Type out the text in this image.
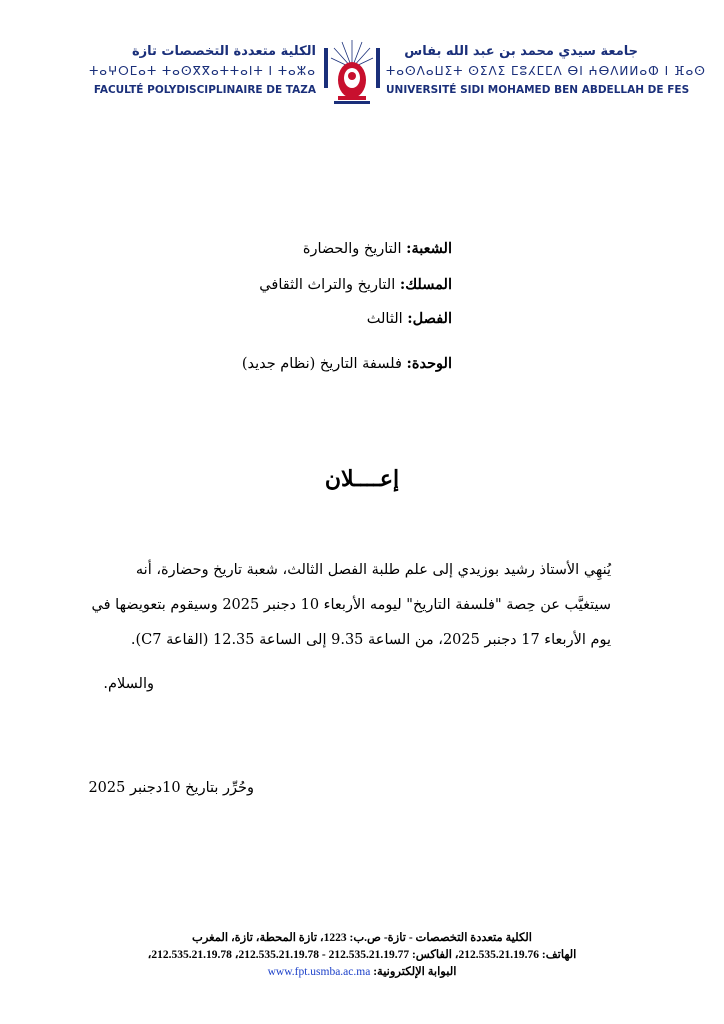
الكلية متعددة التخصصات تازة
ⵜⴰⵖⵔⵎⴰⵜ ⵜⴰⵙⴳⴳⴰⵜⵜⴰⵏⵜ ⵏ ⵜⴰⵣⴰ
FACULTÉ POLYDISCIPLINAIRE DE TAZA
جامعة سيدي محمد بن عبد الله بفاس
ⵜⴰⵙⴷⴰⵡⵉⵜ ⵙⵉⴷⵉ ⵎⵓⵃⵎⵎⴷ ⴱⵏ ⵄⴱⴷⵍⵍⴰⵀ ⵏ ⴼⴰⵙ
UNIVERSITÉ SIDI MOHAMED BEN ABDELLAH DE FES
الشعبة: التاريخ والحضارة
المسلك: التاريخ والتراث الثقافي
الفصل: الثالث
الوحدة: فلسفة التاريخ (نظام جديد)
إعــــلان
يُنهِي الأستاذ رشيد بوزيدي إلى علم طلبة الفصل الثالث، شعبة تاريخ وحضارة، أنه
سيتغيَّب عن حِصة "فلسفة التاريخ" ليومه الأربعاء 10 دجنبر 2025 وسيقوم بتعويضها في
يوم الأربعاء 17 دجنبر 2025، من الساعة 9.35 إلى الساعة 12.35 (القاعة C7).
والسلام.
وحُرِّر بتاريخ 10دجنبر 2025
الكلية متعددة التخصصات - تازة- ص.ب: 1223، تازة المحطة، تازة، المغرب
الهاتف: 212.535.21.19.76، الفاكس: 212.535.21.19.77 - 212.535.21.19.78، 212.535.21.19.78،
البوابة الإلكترونية: www.fpt.usmba.ac.ma
